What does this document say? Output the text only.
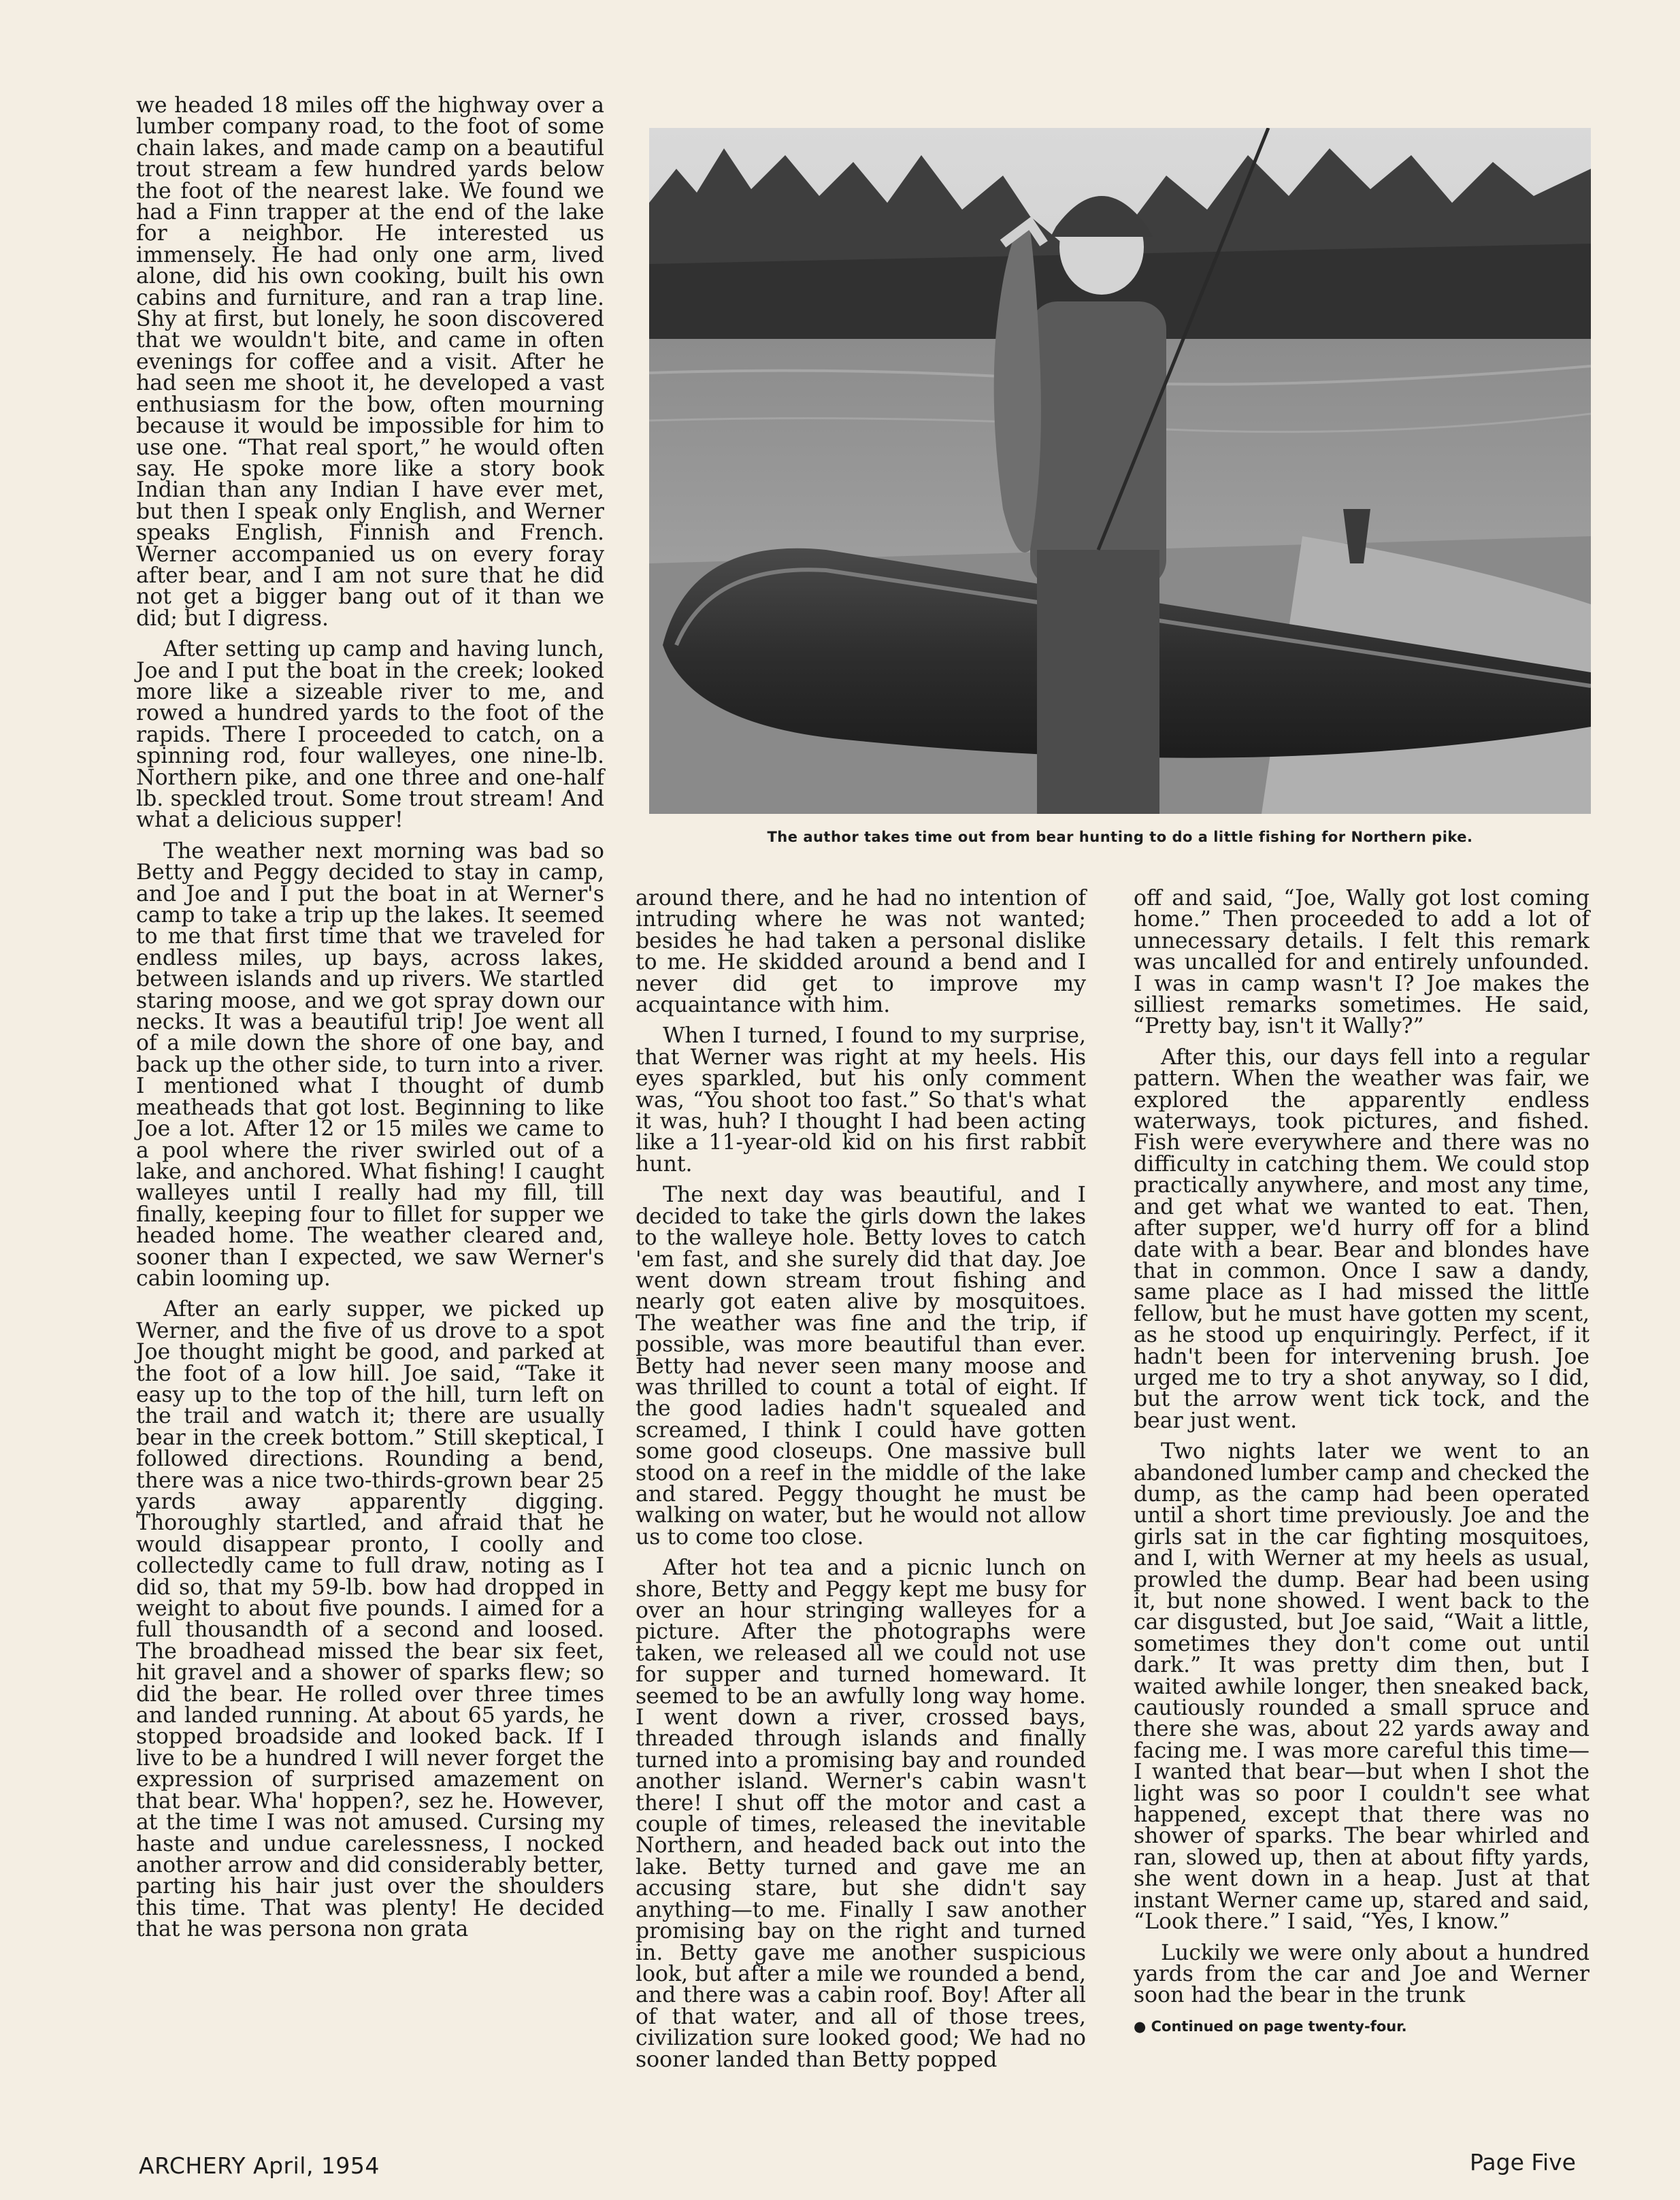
we headed 18 miles off the highway over a lumber company road, to the foot of some chain lakes, and made camp on a beautiful trout stream a few hundred yards below the foot of the nearest lake. We found we had a Finn trapper at the end of the lake for a neighbor. He interested us immensely. He had only one arm, lived alone, did his own cooking, built his own cabins and furniture, and ran a trap line. Shy at first, but lonely, he soon discovered that we wouldn't bite, and came in often evenings for coffee and a visit. After he had seen me shoot it, he developed a vast enthusiasm for the bow, often mourning because it would be impossible for him to use one. “That real sport,” he would often say. He spoke more like a story book Indian than any Indian I have ever met, but then I speak only English, and Werner speaks English, Finnish and French. Werner accompanied us on every foray after bear, and I am not sure that he did not get a bigger bang out of it than we did; but I digress.

After setting up camp and having lunch, Joe and I put the boat in the creek; looked more like a sizeable river to me, and rowed a hundred yards to the foot of the rapids. There I proceeded to catch, on a spinning rod, four walleyes, one nine-lb. Northern pike, and one three and one-half lb. speckled trout. Some trout stream! And what a delicious supper!

The weather next morning was bad so Betty and Peggy decided to stay in camp, and Joe and I put the boat in at Werner's camp to take a trip up the lakes. It seemed to me that first time that we traveled for endless miles, up bays, across lakes, between islands and up rivers. We startled staring moose, and we got spray down our necks. It was a beautiful trip! Joe went all of a mile down the shore of one bay, and back up the other side, to turn into a river. I mentioned what I thought of dumb meatheads that got lost. Beginning to like Joe a lot. After 12 or 15 miles we came to a pool where the river swirled out of a lake, and anchored. What fishing! I caught walleyes until I really had my fill, till finally, keeping four to fillet for supper we headed home. The weather cleared and, sooner than I expected, we saw Werner's cabin looming up.

After an early supper, we picked up Werner, and the five of us drove to a spot Joe thought might be good, and parked at the foot of a low hill. Joe said, “Take it easy up to the top of the hill, turn left on the trail and watch it; there are usually bear in the creek bottom.” Still skeptical, I followed directions. Rounding a bend, there was a nice two-thirds-grown bear 25 yards away apparently digging. Thoroughly startled, and afraid that he would disappear pronto, I coolly and collectedly came to full draw, noting as I did so, that my 59-lb. bow had dropped in weight to about five pounds. I aimed for a full thousandth of a second and loosed. The broadhead missed the bear six feet, hit gravel and a shower of sparks flew; so did the bear. He rolled over three times and landed running. At about 65 yards, he stopped broadside and looked back. If I live to be a hundred I will never forget the expression of surprised amazement on that bear. Wha' hoppen?, sez he. However, at the time I was not amused. Cursing my haste and undue carelessness, I nocked another arrow and did considerably better, parting his hair just over the shoulders this time. That was plenty! He decided that he was persona non grata

The author takes time out from bear hunting to do a little fishing for Northern pike.

around there, and he had no intention of intruding where he was not wanted; besides he had taken a personal dislike to me. He skidded around a bend and I never did get to improve my acquaintance with him.

When I turned, I found to my surprise, that Werner was right at my heels. His eyes sparkled, but his only comment was, “You shoot too fast.” So that's what it was, huh? I thought I had been acting like a 11-year-old kid on his first rabbit hunt.

The next day was beautiful, and I decided to take the girls down the lakes to the walleye hole. Betty loves to catch 'em fast, and she surely did that day. Joe went down stream trout fishing and nearly got eaten alive by mosquitoes. The weather was fine and the trip, if possible, was more beautiful than ever. Betty had never seen many moose and was thrilled to count a total of eight. If the good ladies hadn't squealed and screamed, I think I could have gotten some good closeups. One massive bull stood on a reef in the middle of the lake and stared. Peggy thought he must be walking on water, but he would not allow us to come too close.

After hot tea and a picnic lunch on shore, Betty and Peggy kept me busy for over an hour stringing walleyes for a picture. After the photographs were taken, we released all we could not use for supper and turned homeward. It seemed to be an awfully long way home. I went down a river, crossed bays, threaded through islands and finally turned into a promising bay and rounded another island. Werner's cabin wasn't there! I shut off the motor and cast a couple of times, released the inevitable Northern, and headed back out into the lake. Betty turned and gave me an accusing stare, but she didn't say anything—to me. Finally I saw another promising bay on the right and turned in. Betty gave me another suspicious look, but after a mile we rounded a bend, and there was a cabin roof. Boy! After all of that water, and all of those trees, civilization sure looked good; We had no sooner landed than Betty popped

off and said, “Joe, Wally got lost coming home.” Then proceeded to add a lot of unnecessary details. I felt this remark was uncalled for and entirely unfounded. I was in camp wasn't I? Joe makes the silliest remarks sometimes. He said, “Pretty bay, isn't it Wally?”

After this, our days fell into a regular pattern. When the weather was fair, we explored the apparently endless waterways, took pictures, and fished. Fish were everywhere and there was no difficulty in catching them. We could stop practically anywhere, and most any time, and get what we wanted to eat. Then, after supper, we'd hurry off for a blind date with a bear. Bear and blondes have that in common. Once I saw a dandy, same place as I had missed the little fellow, but he must have gotten my scent, as he stood up enquiringly. Perfect, if it hadn't been for intervening brush. Joe urged me to try a shot anyway, so I did, but the arrow went tick tock, and the bear just went.

Two nights later we went to an abandoned lumber camp and checked the dump, as the camp had been operated until a short time previously. Joe and the girls sat in the car fighting mosquitoes, and I, with Werner at my heels as usual, prowled the dump. Bear had been using it, but none showed. I went back to the car disgusted, but Joe said, “Wait a little, sometimes they don't come out until dark.” It was pretty dim then, but I waited awhile longer, then sneaked back, cautiously rounded a small spruce and there she was, about 22 yards away and facing me. I was more careful this time—I wanted that bear—but when I shot the light was so poor I couldn't see what happened, except that there was no shower of sparks. The bear whirled and ran, slowed up, then at about fifty yards, she went down in a heap. Just at that instant Werner came up, stared and said, “Look there.” I said, “Yes, I know.”

Luckily we were only about a hundred yards from the car and Joe and Werner soon had the bear in the trunk

● Continued on page twenty-four.

ARCHERY April, 1954	Page Five
